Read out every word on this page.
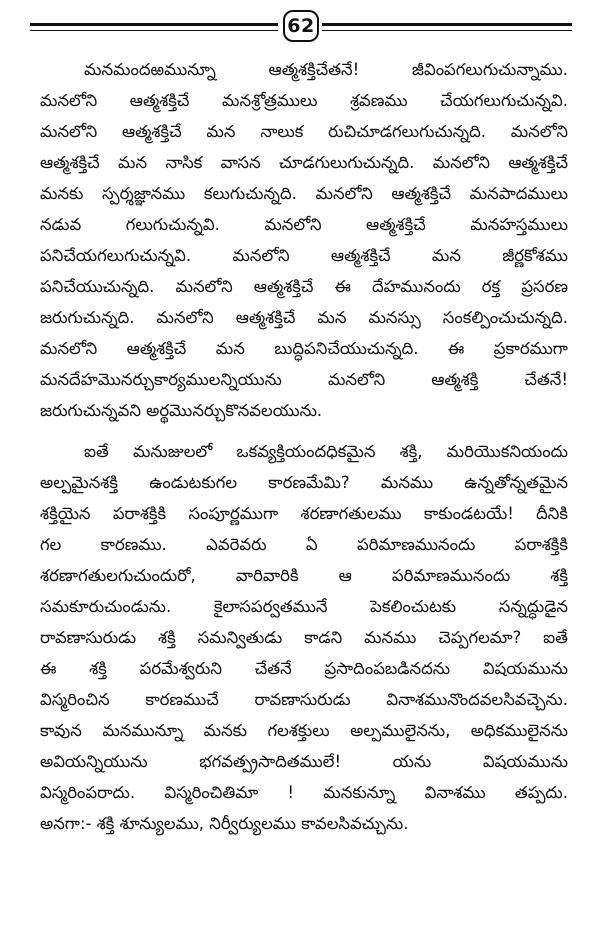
62
మనమందఱమున్నూ ఆత్మశక్తిచేతనే! జీవింపగలుగుచున్నాము.
మనలోని ఆత్మశక్తిచే మనశ్రోత్రములు శ్రవణము చేయగలుగుచున్నవి.
మనలోని ఆత్మశక్తిచే మన నాలుక రుచిచూడగలుగుచున్నది. మనలోని
ఆత్మశక్తిచే మన నాసిక వాసన చూడగులుగుచున్నది. మనలోని ఆత్మశక్తిచే
మనకు స్పర్శజ్ఞానము కలుగుచున్నది. మనలోని ఆత్మశక్తిచే మనపాదములు
నడువ గలుగుచున్నవి. మనలోని ఆత్మశక్తిచే మనహస్తములు
పనిచేయగలుగుచున్నవి. మనలోని ఆత్మశక్తిచే మన జీర్ణకోశము
పనిచేయుచున్నది. మనలోని ఆత్మశక్తిచే ఈ దేహమునందు రక్త ప్రసరణ
జరుగుచున్నది. మనలోని ఆత్మశక్తిచే మన మనస్సు సంకల్పించుచున్నది.
మనలోని ఆత్మశక్తిచే మన బుద్ధిపనిచేయుచున్నది. ఈ ప్రకారముగా
మనదేహమొనర్చుకార్యములన్నియును మనలోని ఆత్మశక్తి చేతనే!
జరుగుచున్నవని అర్థమొనర్చుకొనవలయును.
ఐతే మనుజులలో ఒకవ్యక్తియందధికమైన శక్తి, మరియొకనియందు
అల్పమైనశక్తి ఉండుటకుగల కారణమేమి? మనము ఉన్నతోన్నతమైన
శక్తియైన పరాశక్తికి సంపూర్ణముగా శరణాగతులము కాకుండటయే! దీనికి
గల కారణము. ఎవరెవరు ఏ పరిమాణమునందు పరాశక్తికి
శరణాగతులగుచుందురో, వారివారికి ఆ పరిమాణమునందు శక్తి
సమకూరుచుండును. కైలాసపర్వతమునే పెకలించుటకు సన్నద్ధుడైన
రావణాసురుడు శక్తి సమన్వితుడు కాడని మనము చెప్పగలమా? ఐతే
ఈ శక్తి పరమేశ్వరుని చేతనే ప్రసాదింపబడినదను విషయమును
విస్మరించిన కారణముచే రావణాసురుడు వినాశమునొందవలసివచ్చెను.
కావున మనమున్నూ మనకు గలశక్తులు అల్పములైనను, అధికములైనను
అవియన్నియును భగవత్ప్రసాదితములే! యను విషయమును
విస్మరింపరాదు. విస్మరించితిమా ! మనకున్నూ వినాశము తప్పదు.
అనగా:- శక్తి శూన్యులము, నిర్వీర్యులము కావలసివచ్చును.
